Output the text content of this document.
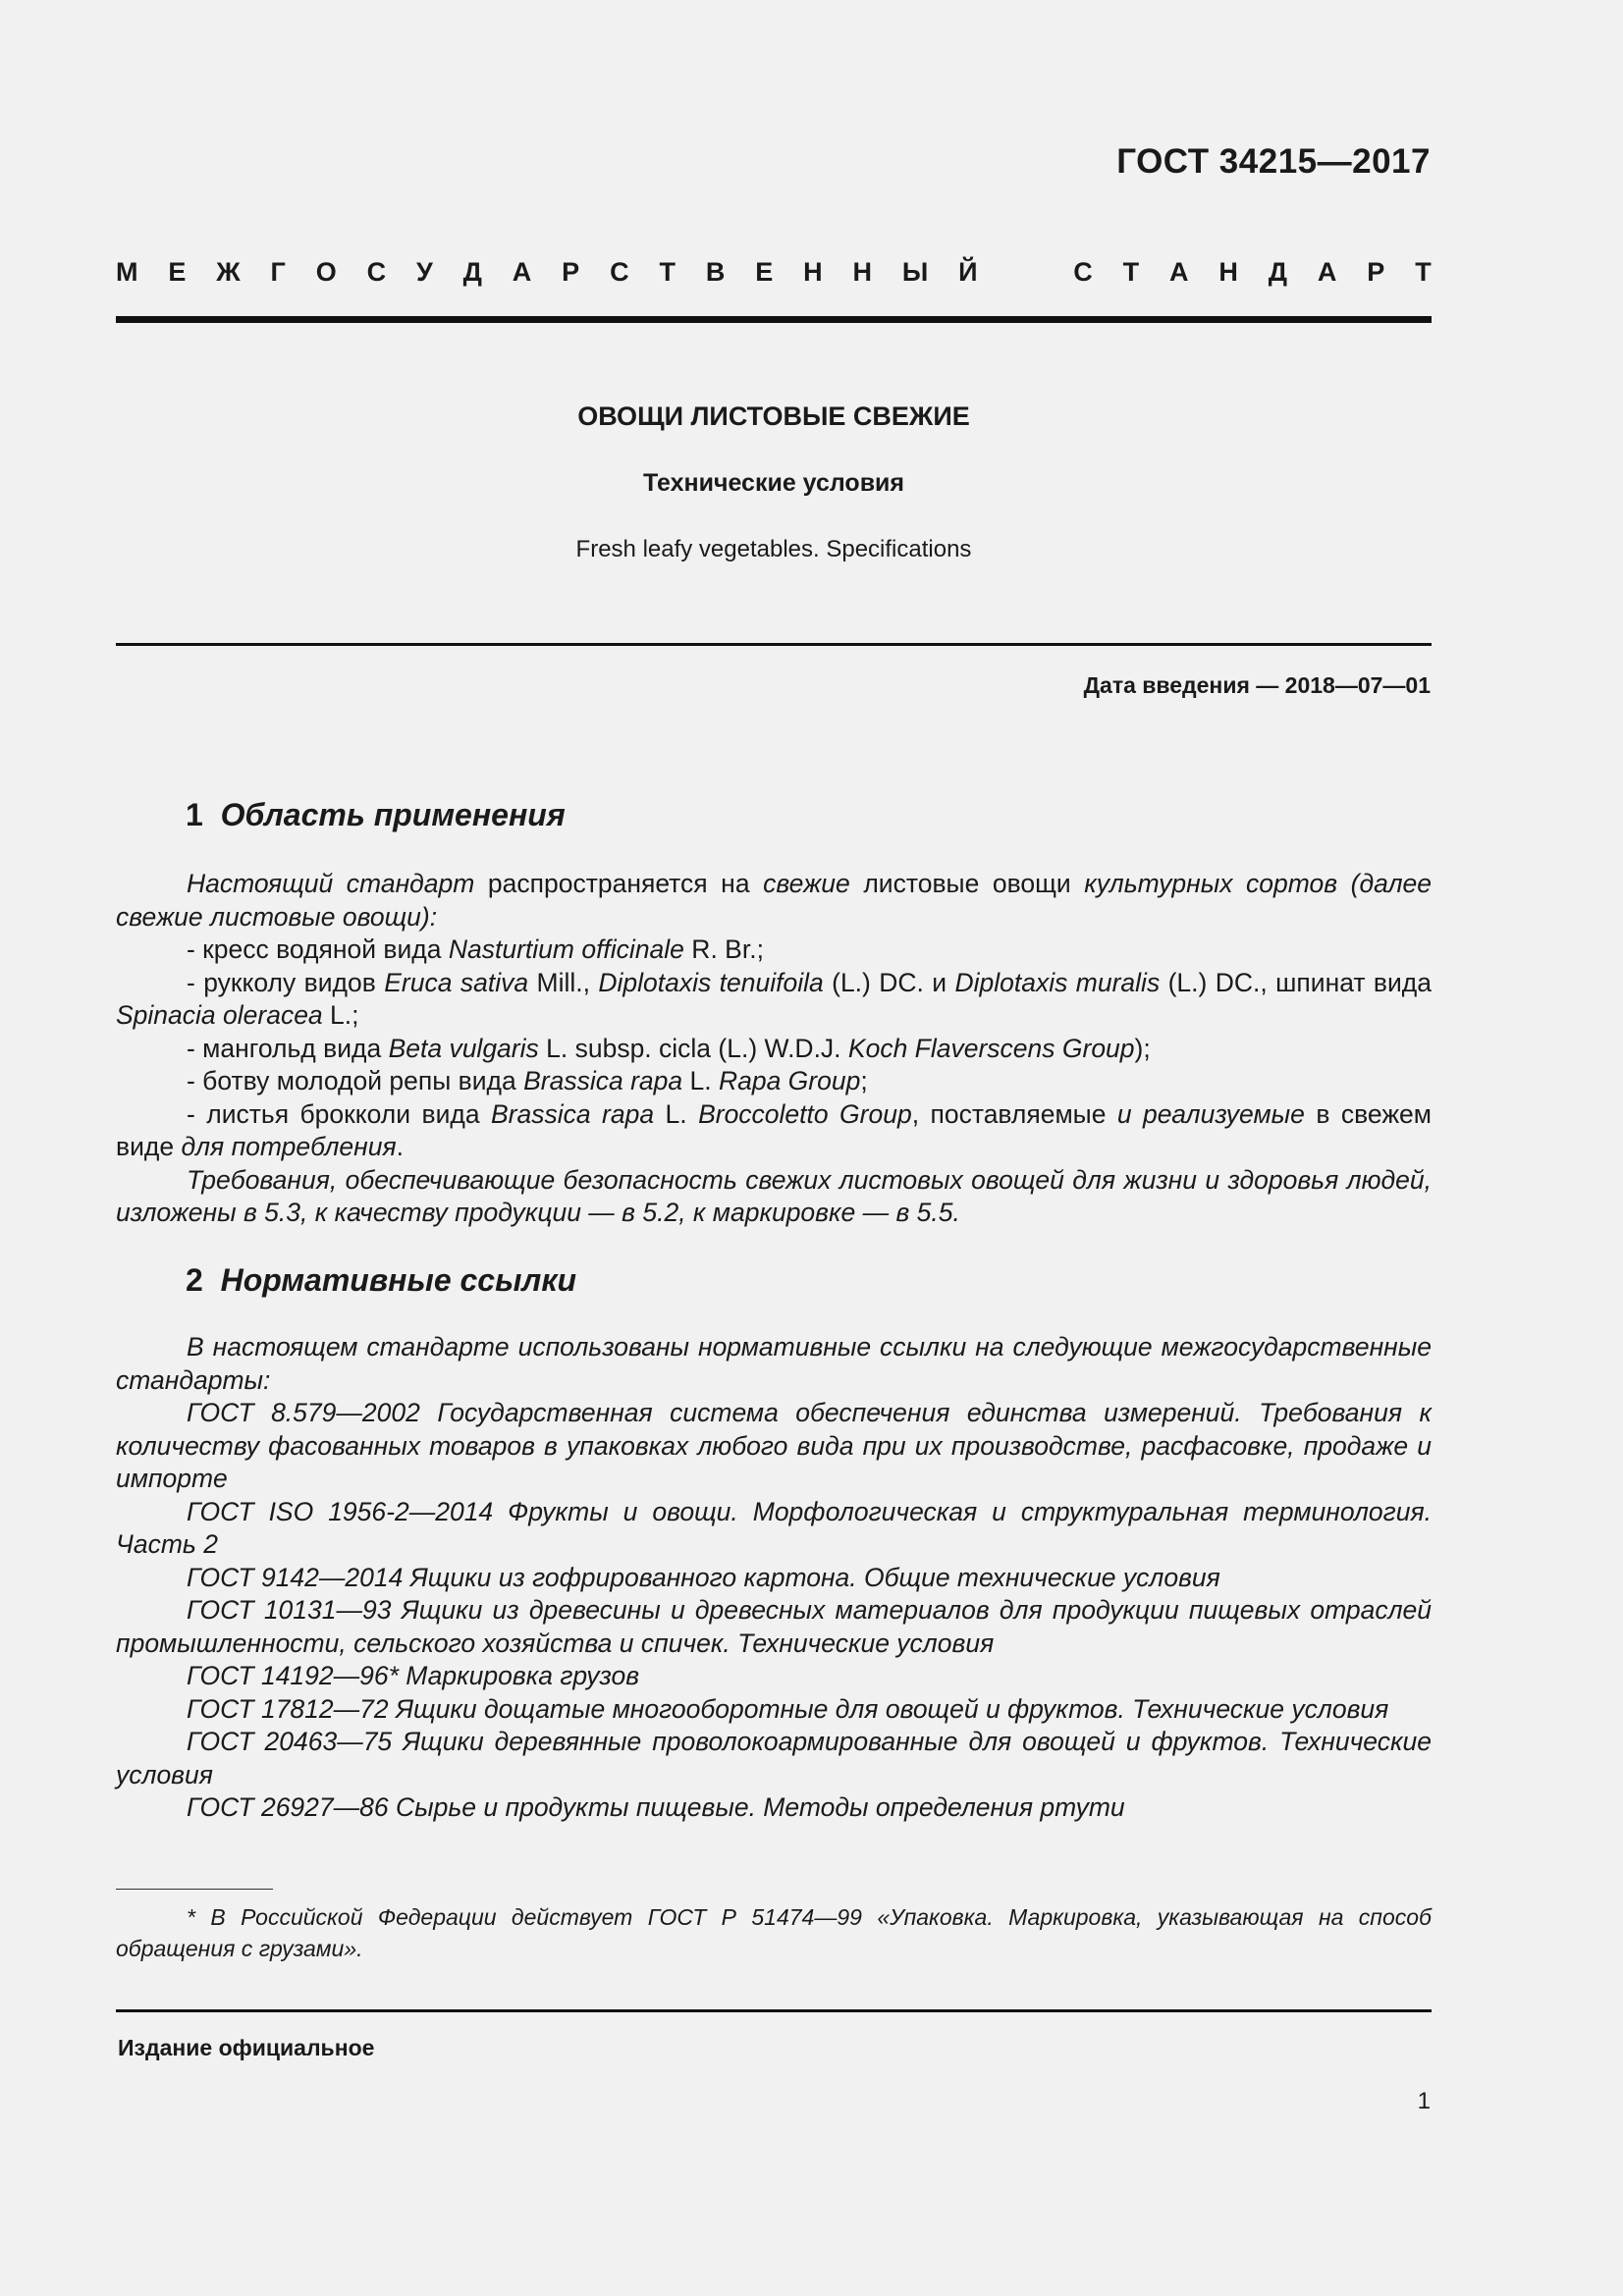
ГОСТ 34215—2017
М Е Ж Г О С У Д А Р С Т В Е Н Н Ы Й	С Т А Н Д А Р Т
ОВОЩИ ЛИСТОВЫЕ СВЕЖИЕ
Технические условия
Fresh leafy vegetables. Specifications
Дата введения — 2018—07—01
1 Область применения

Настоящий стандарт распространяется на свежие листовые овощи культурных сортов (далее свежие листовые овощи):

- кресс водяной вида Nasturtium officinale R. Br.;

- рукколу видов Eruca sativa Mill., Diplotaxis tenuifoila (L.) DC. и Diplotaxis muralis (L.) DC., шпинат вида Spinacia oleracea L.;

- мангольд вида Beta vulgaris L. subsp. cicla (L.) W.D.J. Koch Flaverscens Group);

- ботву молодой репы вида Brassica rapa L. Rapa Group;

- листья брокколи вида Brassica rapa L. Broccoletto Group, поставляемые и реализуемые в свежем виде для потребления.

Требования, обеспечивающие безопасность свежих листовых овощей для жизни и здоровья людей, изложены в 5.3, к качеству продукции — в 5.2, к маркировке — в 5.5.

2 Нормативные ссылки

В настоящем стандарте использованы нормативные ссылки на следующие межгосударственные стандарты:

ГОСТ 8.579—2002 Государственная система обеспечения единства измерений. Требования к количеству фасованных товаров в упаковках любого вида при их производстве, расфасовке, продаже и импорте

ГОСТ ISO 1956-2—2014 Фрукты и овощи. Морфологическая и структуральная терминология. Часть 2

ГОСТ 9142—2014 Ящики из гофрированного картона. Общие технические условия

ГОСТ 10131—93 Ящики из древесины и древесных материалов для продукции пищевых отраслей промышленности, сельского хозяйства и спичек. Технические условия

ГОСТ 14192—96* Маркировка грузов

ГОСТ 17812—72 Ящики дощатые многооборотные для овощей и фруктов. Технические условия

ГОСТ 20463—75 Ящики деревянные проволокоармированные для овощей и фруктов. Технические условия

ГОСТ 26927—86 Сырье и продукты пищевые. Методы определения ртути

* В Российской Федерации действует ГОСТ Р 51474—99 «Упаковка. Маркировка, указывающая на способ обращения с грузами».

Издание официальное
1
